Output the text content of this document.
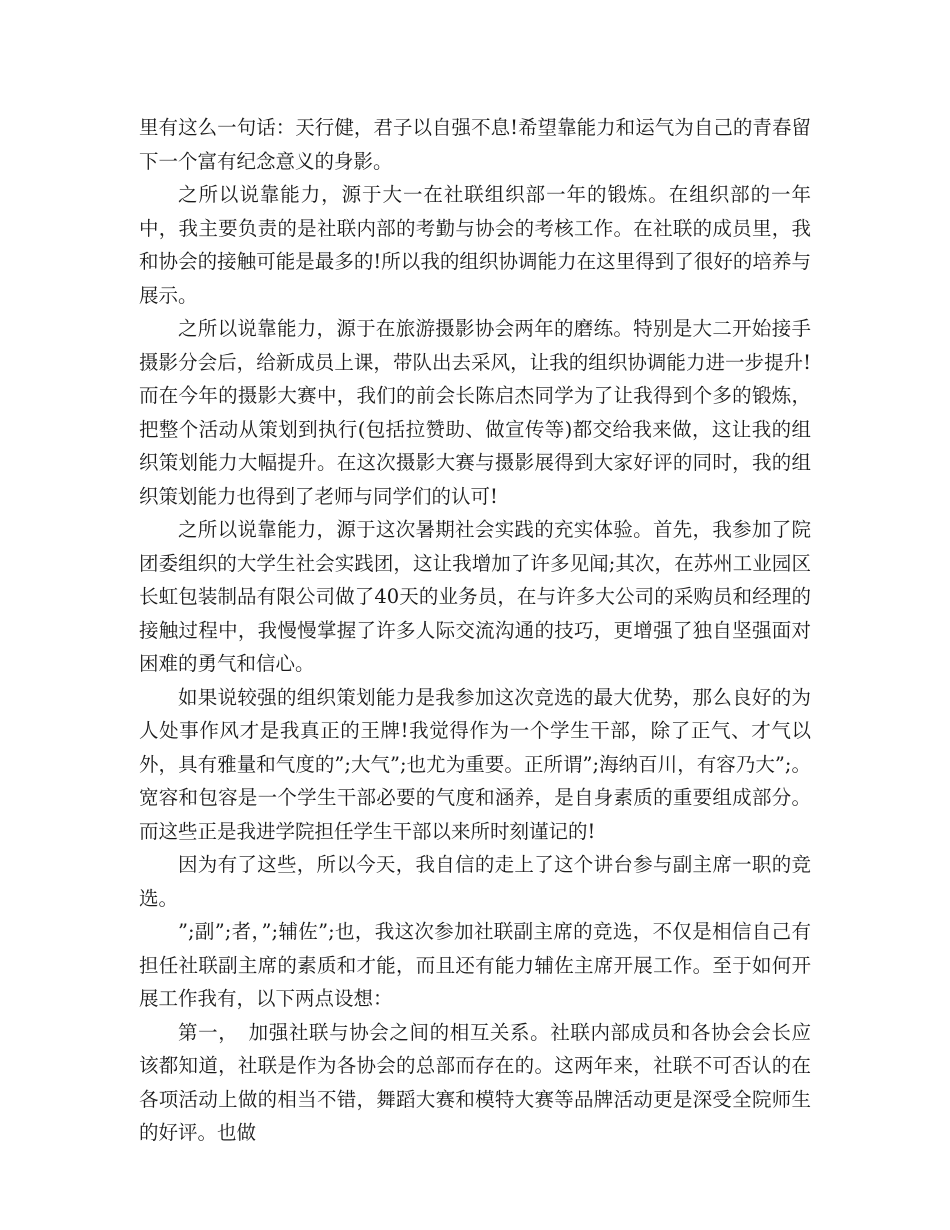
里有这么一句话：天行健，君子以自强不息!希望靠能力和运气为自己的青春留下一个富有纪念意义的身影。

之所以说靠能力，源于大一在社联组织部一年的锻炼。在组织部的一年中，我主要负责的是社联内部的考勤与协会的考核工作。在社联的成员里，我和协会的接触可能是最多的!所以我的组织协调能力在这里得到了很好的培养与展示。

之所以说靠能力，源于在旅游摄影协会两年的磨练。特别是大二开始接手摄影分会后，给新成员上课，带队出去采风，让我的组织协调能力进一步提升!而在今年的摄影大赛中，我们的前会长陈启杰同学为了让我得到个多的锻炼，把整个活动从策划到执行(包括拉赞助、做宣传等)都交给我来做，这让我的组织策划能力大幅提升。在这次摄影大赛与摄影展得到大家好评的同时，我的组织策划能力也得到了老师与同学们的认可!

之所以说靠能力，源于这次暑期社会实践的充实体验。首先，我参加了院团委组织的大学生社会实践团，这让我增加了许多见闻;其次，在苏州工业园区长虹包装制品有限公司做了40天的业务员，在与许多大公司的采购员和经理的接触过程中，我慢慢掌握了许多人际交流沟通的技巧，更增强了独自坚强面对困难的勇气和信心。

如果说较强的组织策划能力是我参加这次竞选的最大优势，那么良好的为人处事作风才是我真正的王牌!我觉得作为一个学生干部，除了正气、才气以外，具有雅量和气度的”;大气”;也尤为重要。正所谓”;海纳百川，有容乃大”;。宽容和包容是一个学生干部必要的气度和涵养，是自身素质的重要组成部分。而这些正是我进学院担任学生干部以来所时刻谨记的!

因为有了这些，所以今天，我自信的走上了这个讲台参与副主席一职的竞选。

”;副”;者，”;辅佐”;也，我这次参加社联副主席的竞选，不仅是相信自己有担任社联副主席的素质和才能，而且还有能力辅佐主席开展工作。至于如何开展工作我有，以下两点设想：

第一，　加强社联与协会之间的相互关系。社联内部成员和各协会会长应该都知道，社联是作为各协会的总部而存在的。这两年来，社联不可否认的在各项活动上做的相当不错，舞蹈大赛和模特大赛等品牌活动更是深受全院师生的好评。也做
